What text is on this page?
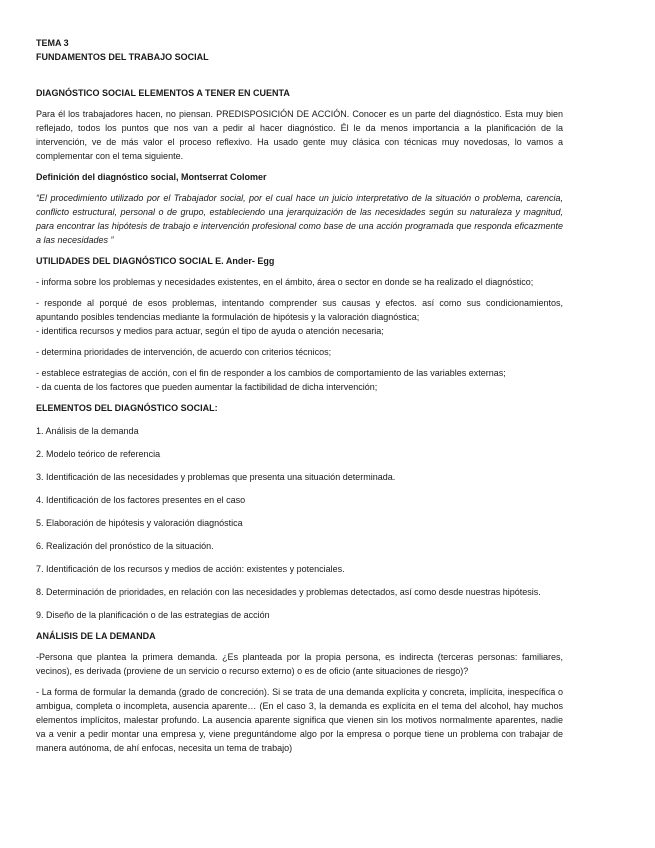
TEMA 3

FUNDAMENTOS DEL TRABAJO SOCIAL

DIAGNÓSTICO SOCIAL ELEMENTOS A TENER EN CUENTA

Para él los trabajadores hacen, no piensan. PREDISPOSICIÓN DE ACCIÓN. Conocer es un parte del diagnóstico. Esta muy bien reflejado, todos los puntos que nos van a pedir al hacer diagnóstico. Él le da menos importancia a la planificación de la intervención, ve de más valor el proceso reflexivo. Ha usado gente muy clásica con técnicas muy novedosas, lo vamos a complementar con el tema siguiente.

Definición del diagnóstico social, Montserrat Colomer

“El procedimiento utilizado por el Trabajador social, por el cual hace un juicio interpretativo de la situación o problema, carencia, conflicto estructural, personal o de grupo, estableciendo una jerarquización de las necesidades según su naturaleza y magnitud, para encontrar las hipótesis de trabajo e intervención profesional como base de una acción programada que responda eficazmente a las necesidades ”

UTILIDADES DEL DIAGNÓSTICO SOCIAL E. Ander- Egg

- informa sobre los problemas y necesidades existentes, en el ámbito, área o sector en donde se ha realizado el diagnóstico;

- responde al porqué de esos problemas, intentando comprender sus causas y efectos. así como sus condicionamientos, apuntando posibles tendencias mediante la formulación de hipótesis y la valoración diagnóstica;

- identifica recursos y medios para actuar, según el tipo de ayuda o atención necesaria;

- determina prioridades de intervención, de acuerdo con criterios técnicos;

- establece estrategias de acción, con el fin de responder a los cambios de comportamiento de las variables externas;

- da cuenta de los factores que pueden aumentar la factibilidad de dicha intervención;

ELEMENTOS DEL DIAGNÓSTICO SOCIAL:

1. Análisis de la demanda

2. Modelo teórico de referencia

3. Identificación de las necesidades y problemas que presenta una situación determinada.

4. Identificación de los factores presentes en el caso

5. Elaboración de hipótesis y valoración diagnóstica

6. Realización del pronóstico de la situación.

7. Identificación de los recursos y medios de acción: existentes y potenciales.

8. Determinación de prioridades, en relación con las necesidades y problemas detectados, así como desde nuestras hipótesis.

9. Diseño de la planificación o de las estrategias de acción

ANÁLISIS DE LA DEMANDA

-Persona que plantea la primera demanda. ¿Es planteada por la propia persona, es indirecta (terceras personas: familiares, vecinos), es derivada (proviene de un servicio o recurso externo) o es de oficio (ante situaciones de riesgo)?

- La forma de formular la demanda (grado de concreción). Si se trata de una demanda explícita y concreta, implícita, inespecífica o ambigua, completa o incompleta, ausencia aparente… (En el caso 3, la demanda es explícita en el tema del alcohol, hay muchos elementos implícitos, malestar profundo. La ausencia aparente significa que vienen sin los motivos normalmente aparentes, nadie va a venir a pedir montar una empresa y, viene preguntándome algo por la empresa o porque tiene un problema con trabajar de manera autónoma, de ahí enfocas, necesita un tema de trabajo)
